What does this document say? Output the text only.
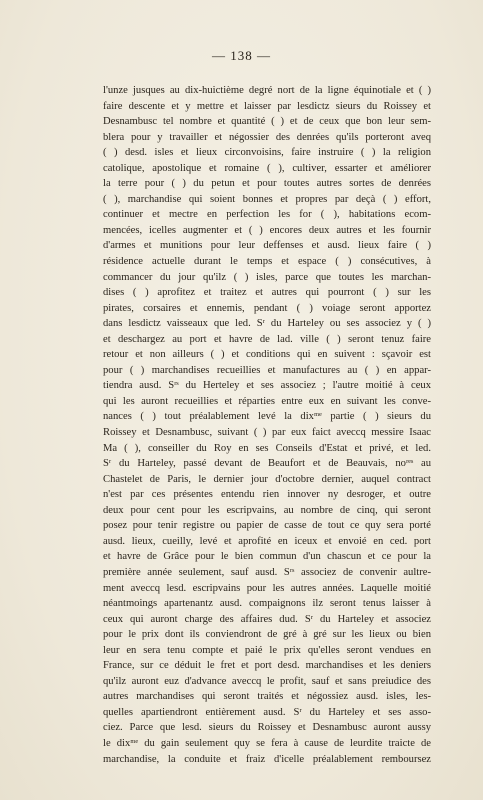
— 138 —
l'unze jusques au dix-huictième degré nort de la ligne équinotiale et ( )
faire descente et y mettre et laisser par lesdictz sieurs du Roissey et
Desnambusc tel nombre et quantité ( ) et de ceux que bon leur sem-
blera pour y travailler et négossier des denrées qu'ils porteront aveq
( ) desd. isles et lieux circonvoisins, faire instruire ( ) la religion
catolique, apostolique et romaine ( ), cultiver, essarter et améliorer
la terre pour ( ) du petun et pour toutes autres sortes de denrées
( ), marchandise qui soient bonnes et propres par deçà ( ) effort,
continuer et mectre en perfection les for ( ), habitations ecom-
mencées, icelles augmenter et ( ) encores deux autres et les fournir
d'armes et munitions pour leur deffenses et ausd. lieux faire ( )
résidence actuelle durant le temps et espace ( ) consécutives, à
commancer du jour qu'ilz ( ) isles, parce que toutes les marchan-
dises ( ) aprofitez et traitez et autres qui pourront ( ) sur les
pirates, corsaires et ennemis, pendant ( ) voiage seront apportez
dans lesdictz vaisseaux que led. Sʳ du Harteley ou ses associez y ( )
et deschargez au port et havre de lad. ville ( ) seront tenuz faire
retour et non ailleurs ( ) et conditions qui en suivent : sçavoir est
pour ( ) marchandises recueillies et manufactures au ( ) en appar-
tiendra ausd. Sʳˢ du Herteley et ses associez ; l'autre moitié à ceux
qui les auront recueillies et réparties entre eux en suivant les conve-
nances ( ) tout préalablement levé la dixᵐᵉ partie ( ) sieurs du
Roissey et Desnambusc, suivant ( ) par eux faict aveccq messire Isaac
Ma ( ), conseiller du Roy en ses Conseils d'Estat et privé, et led.
Sʳ du Harteley, passé devant de Beaufort et de Beauvais, noʳᵉˢ au
Chastelet de Paris, le dernier jour d'octobre dernier, auquel contract
n'est par ces présentes entendu rien innover ny desroger, et outre
deux pour cent pour les escripvains, au nombre de cinq, qui seront
posez pour tenir registre ou papier de casse de tout ce quy sera porté
ausd. lieux, cueilly, levé et aprofité en iceux et envoié en ced. port
et havre de Grâce pour le bien commun d'un chascun et ce pour la
première année seulement, sauf ausd. Sʳˢ associez de convenir aultre-
ment aveccq lesd. escripvains pour les autres années. Laquelle moitié
néantmoings apartenantz ausd. compaignons ilz seront tenus laisser à
ceux qui auront charge des affaires dud. Sʳ du Harteley et associez
pour le prix dont ils conviendront de gré à gré sur les lieux ou bien
leur en sera tenu compte et paié le prix qu'elles seront vendues en
France, sur ce déduit le fret et port desd. marchandises et les deniers
qu'ilz auront euz d'advance aveccq le profit, sauf et sans preiudice des
autres marchandises qui seront traités et négossiez ausd. isles, les-
quelles apartiendront entièrement ausd. Sʳ du Harteley et ses asso-
ciez. Parce que lesd. sieurs du Roissey et Desnambusc auront aussy
le dixᵐᵉ du gain seulement quy se fera à cause de leurdite traicte de
marchandise, la conduite et fraiz d'icelle préalablement remboursez
